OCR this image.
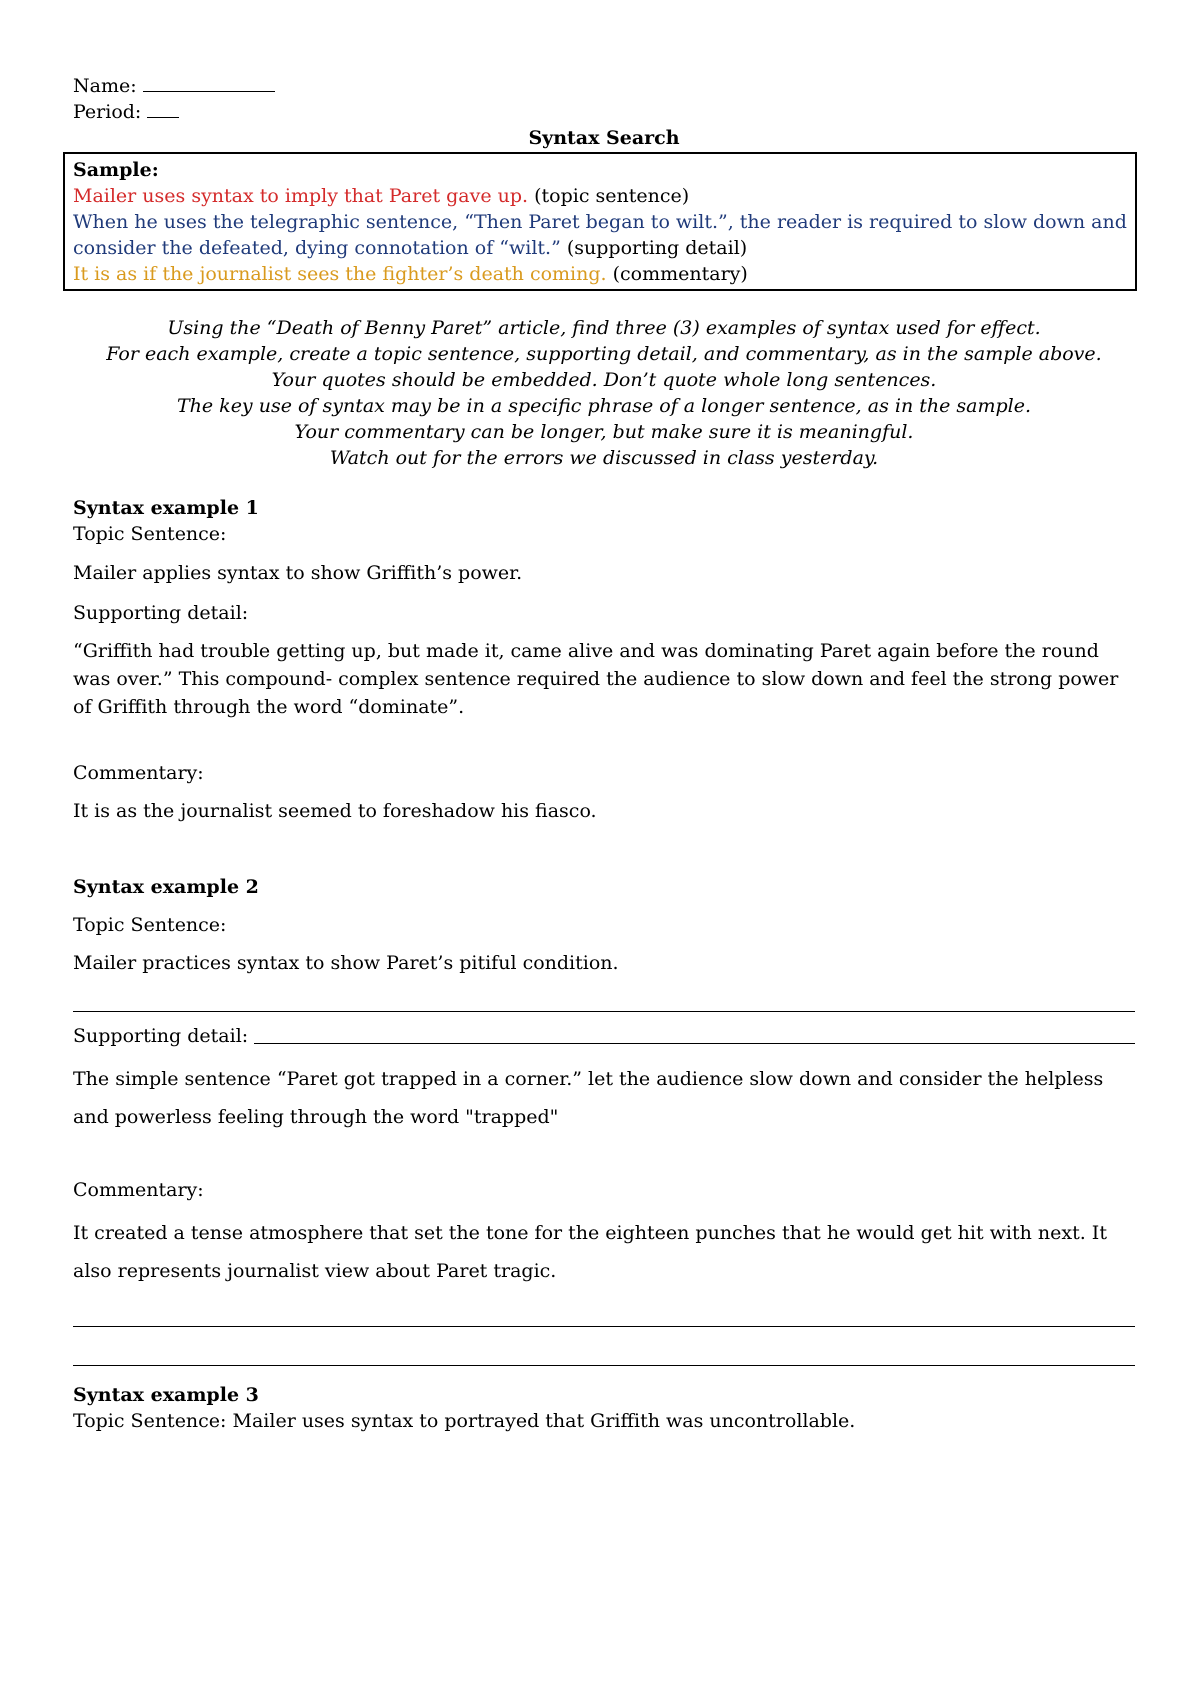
Name:
Period:
Syntax Search
Sample:
Mailer uses syntax to imply that Paret gave up. (topic sentence)
When he uses the telegraphic sentence, “Then Paret began to wilt.”, the reader is required to slow down and consider the defeated, dying connotation of “wilt.” (supporting detail)
It is as if the journalist sees the fighter’s death coming. (commentary)
Using the “Death of Benny Paret” article, find three (3) examples of syntax used for effect.
For each example, create a topic sentence, supporting detail, and commentary, as in the sample above.
Your quotes should be embedded. Don’t quote whole long sentences.
The key use of syntax may be in a specific phrase of a longer sentence, as in the sample.
Your commentary can be longer, but make sure it is meaningful.
Watch out for the errors we discussed in class yesterday.
Syntax example 1
Topic Sentence:
Mailer applies syntax to show Griffith’s power.
Supporting detail:
“Griffith had trouble getting up, but made it, came alive and was dominating Paret again before the round was over.” This compound- complex sentence required the audience to slow down and feel the strong power of Griffith through the word “dominate”.
Commentary:
It is as the journalist seemed to foreshadow his fiasco.
Syntax example 2
Topic Sentence:
Mailer practices syntax to show Paret’s pitiful condition.
Supporting detail:
The simple sentence “Paret got trapped in a corner.” let the audience slow down and consider the helpless and powerless feeling through the word "trapped"
Commentary:
It created a tense atmosphere that set the tone for the eighteen punches that he would get hit with next. It also represents journalist view about Paret tragic.
Syntax example 3
Topic Sentence: Mailer uses syntax to portrayed that Griffith was uncontrollable.
